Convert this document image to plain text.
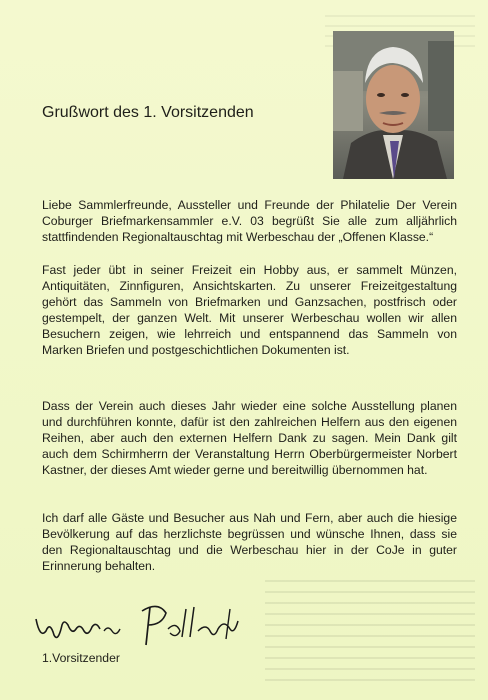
Grußwort des 1. Vorsitzenden

Liebe Sammlerfreunde, Aussteller und Freunde der Philatelie Der Verein Coburger Briefmarkensammler e.V. 03 begrüßt Sie alle zum alljährlich stattfindenden Regionaltauschtag mit Werbeschau der „Offenen Klasse.“

Fast jeder übt in seiner Freizeit ein Hobby aus, er sammelt Münzen, Antiquitäten, Zinnfiguren, Ansichtskarten. Zu unserer Freizeitgestaltung gehört das Sammeln von Briefmarken und Ganzsachen, postfrisch oder gestempelt, der ganzen Welt. Mit unserer Werbeschau wollen wir allen Besuchern zeigen, wie lehrreich und entspannend das Sammeln von Marken Briefen und postgeschichtlichen Dokumenten ist.

Dass der Verein auch dieses Jahr wieder eine solche Ausstellung planen und durchführen konnte, dafür ist den zahlreichen Helfern aus den eigenen Reihen, aber auch den externen Helfern Dank zu sagen. Mein Dank gilt auch dem Schirmherrn der Veranstaltung Herrn Oberbürgermeister Norbert Kastner, der dieses Amt wieder gerne und bereitwillig übernommen hat.

Ich darf alle Gäste und Besucher aus Nah und Fern, aber auch die hiesige Bevölkerung auf das herzlichste begrüssen und wünsche Ihnen, dass sie den Regionaltauschtag und die Werbeschau hier in der CoJe in guter Erinnerung behalten.

1.Vorsitzender
